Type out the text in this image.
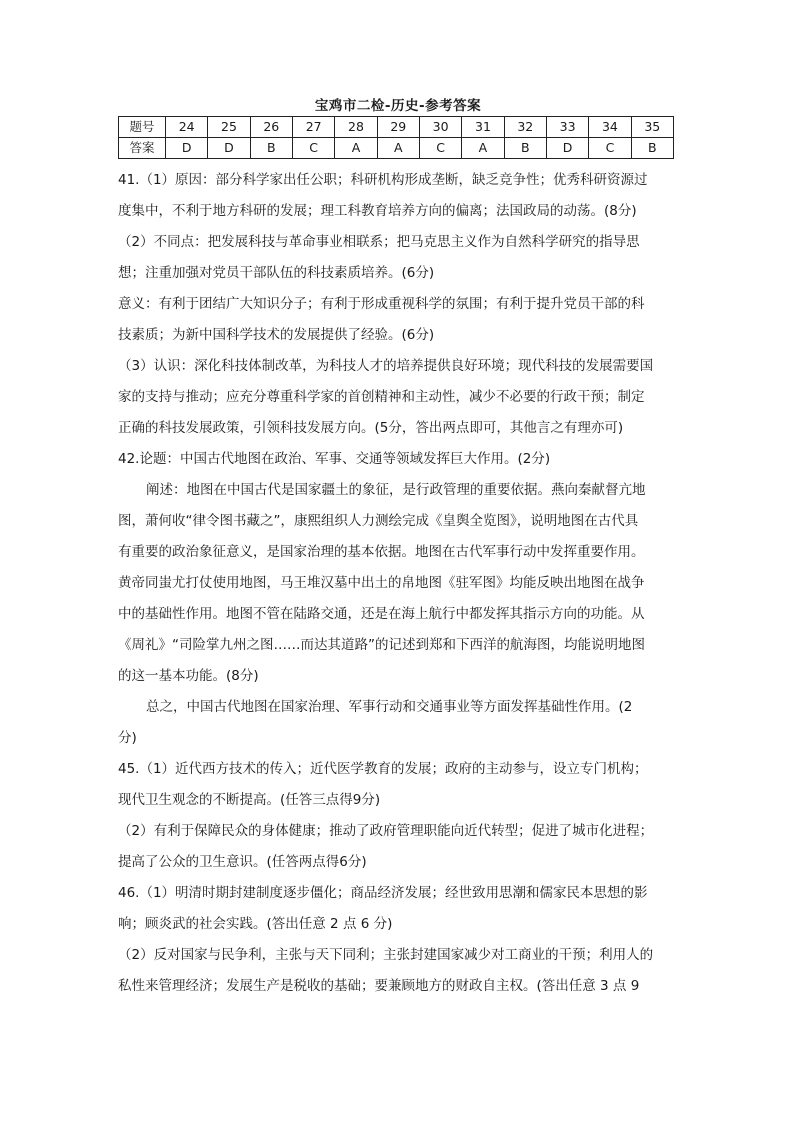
宝鸡市二检-历史-参考答案
题号	24	25	26	27	28	29	30	31	32	33	34	35
答案	D	D	B	C	A	A	C	A	B	D	C	B

41.（1）原因：部分科学家出任公职；科研机构形成垄断，缺乏竞争性；优秀科研资源过

度集中，不利于地方科研的发展；理工科教育培养方向的偏离；法国政局的动荡。(8分)

（2）不同点：把发展科技与革命事业相联系；把马克思主义作为自然科学研究的指导思

想；注重加强对党员干部队伍的科技素质培养。(6分)

意义：有利于团结广大知识分子；有利于形成重视科学的氛围；有利于提升党员干部的科

技素质；为新中国科学技术的发展提供了经验。(6分)

（3）认识：深化科技体制改革，为科技人才的培养提供良好环境；现代科技的发展需要国

家的支持与推动；应充分尊重科学家的首创精神和主动性，减少不必要的行政干预；制定

正确的科技发展政策，引领科技发展方向。(5分，答出两点即可，其他言之有理亦可)

42.论题：中国古代地图在政治、军事、交通等领域发挥巨大作用。(2分)

阐述：地图在中国古代是国家疆土的象征，是行政管理的重要依据。燕向秦献督亢地

图，萧何收“律令图书藏之”，康熙组织人力测绘完成《皇舆全览图》，说明地图在古代具

有重要的政治象征意义，是国家治理的基本依据。地图在古代军事行动中发挥重要作用。

黄帝同蚩尤打仗使用地图，马王堆汉墓中出土的帛地图《驻军图》均能反映出地图在战争

中的基础性作用。地图不管在陆路交通，还是在海上航行中都发挥其指示方向的功能。从

《周礼》“司险掌九州之图……而达其道路”的记述到郑和下西洋的航海图，均能说明地图

的这一基本功能。(8分)

总之，中国古代地图在国家治理、军事行动和交通事业等方面发挥基础性作用。(2

分)

45.（1）近代西方技术的传入；近代医学教育的发展；政府的主动参与，设立专门机构；

现代卫生观念的不断提高。(任答三点得9分)

（2）有利于保障民众的身体健康；推动了政府管理职能向近代转型；促进了城市化进程；

提高了公众的卫生意识。(任答两点得6分)

46.（1）明清时期封建制度逐步僵化；商品经济发展；经世致用思潮和儒家民本思想的影

响；顾炎武的社会实践。(答出任意 2 点 6 分)

（2）反对国家与民争利，主张与天下同利；主张封建国家减少对工商业的干预；利用人的

私性来管理经济；发展生产是税收的基础；要兼顾地方的财政自主权。(答出任意 3 点 9
